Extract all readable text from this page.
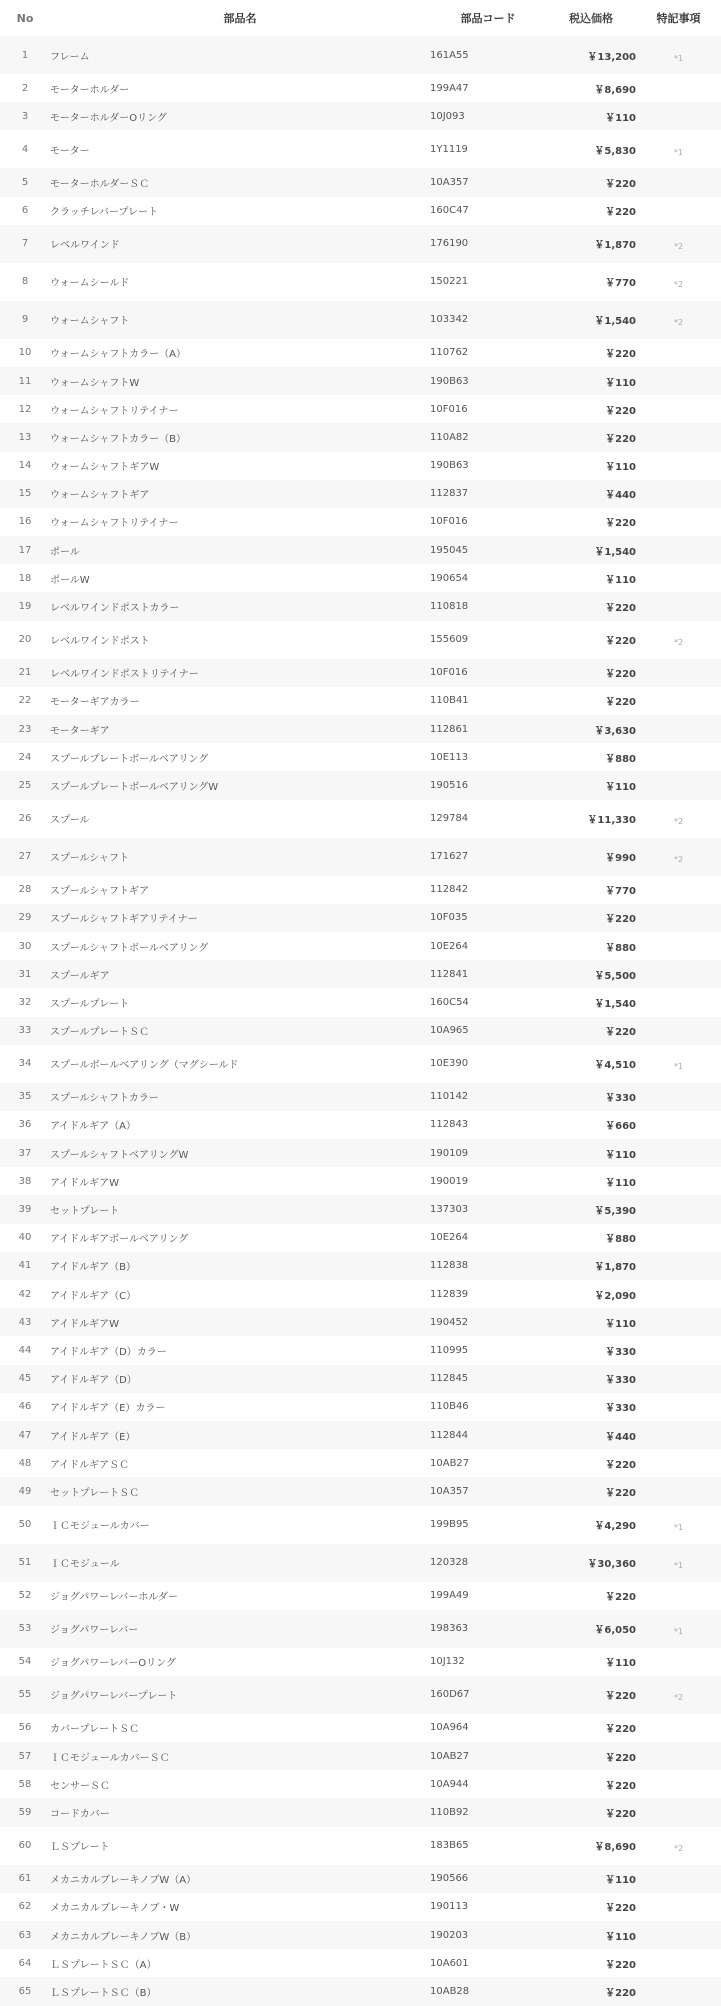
No	部品名	部品コード	税込価格	特記事項
1	フレーム	161A55	￥13,200	*1
2	モーターホルダー	199A47	￥8,690
3	モーターホルダーOリング	10J093	￥110
4	モーター	1Y1119	￥5,830	*1
5	モーターホルダーＳＣ	10A357	￥220
6	クラッチレバープレート	160C47	￥220
7	レベルワインド	176190	￥1,870	*2
8	ウォームシールド	150221	￥770	*2
9	ウォームシャフト	103342	￥1,540	*2
10	ウォームシャフトカラー（A）	110762	￥220
11	ウォームシャフトW	190B63	￥110
12	ウォームシャフトリテイナー	10F016	￥220
13	ウォームシャフトカラー（B）	110A82	￥220
14	ウォームシャフトギアW	190B63	￥110
15	ウォームシャフトギア	112837	￥440
16	ウォームシャフトリテイナー	10F016	￥220
17	ポール	195045	￥1,540
18	ポールW	190654	￥110
19	レベルワインドポストカラー	110818	￥220
20	レベルワインドポスト	155609	￥220	*2
21	レベルワインドポストリテイナー	10F016	￥220
22	モーターギアカラー	110B41	￥220
23	モーターギア	112861	￥3,630
24	スプールプレートボールベアリング	10E113	￥880
25	スプールプレートボールベアリングW	190516	￥110
26	スプール	129784	￥11,330	*2
27	スプールシャフト	171627	￥990	*2
28	スプールシャフトギア	112842	￥770
29	スプールシャフトギアリテイナー	10F035	￥220
30	スプールシャフトボールベアリング	10E264	￥880
31	スプールギア	112841	￥5,500
32	スプールプレート	160C54	￥1,540
33	スプールプレートＳＣ	10A965	￥220
34	スプールボールベアリング（マグシールド	10E390	￥4,510	*1
35	スプールシャフトカラー	110142	￥330
36	アイドルギア（A）	112843	￥660
37	スプールシャフトベアリングW	190109	￥110
38	アイドルギアW	190019	￥110
39	セットプレート	137303	￥5,390
40	アイドルギアボールベアリング	10E264	￥880
41	アイドルギア（B）	112838	￥1,870
42	アイドルギア（C）	112839	￥2,090
43	アイドルギアW	190452	￥110
44	アイドルギア（D）カラー	110995	￥330
45	アイドルギア（D）	112845	￥330
46	アイドルギア（E）カラー	110B46	￥330
47	アイドルギア（E）	112844	￥440
48	アイドルギアＳＣ	10AB27	￥220
49	セットプレートＳＣ	10A357	￥220
50	ＩＣモジュールカバー	199B95	￥4,290	*1
51	ＩＣモジュール	120328	￥30,360	*1
52	ジョグパワーレバーホルダー	199A49	￥220
53	ジョグパワーレバー	198363	￥6,050	*1
54	ジョグパワーレバーOリング	10J132	￥110
55	ジョグパワーレバープレート	160D67	￥220	*2
56	カバープレートＳＣ	10A964	￥220
57	ＩＣモジュールカバーＳＣ	10AB27	￥220
58	センサーＳＣ	10A944	￥220
59	コードカバー	110B92	￥220
60	ＬＳプレート	183B65	￥8,690	*2
61	メカニカルブレーキノブW（A）	190566	￥110
62	メカニカルブレーキノブ・W	190113	￥220
63	メカニカルブレーキノブW（B）	190203	￥110
64	ＬＳプレートＳＣ（A）	10A601	￥220
65	ＬＳプレートＳＣ（B）	10AB28	￥220
